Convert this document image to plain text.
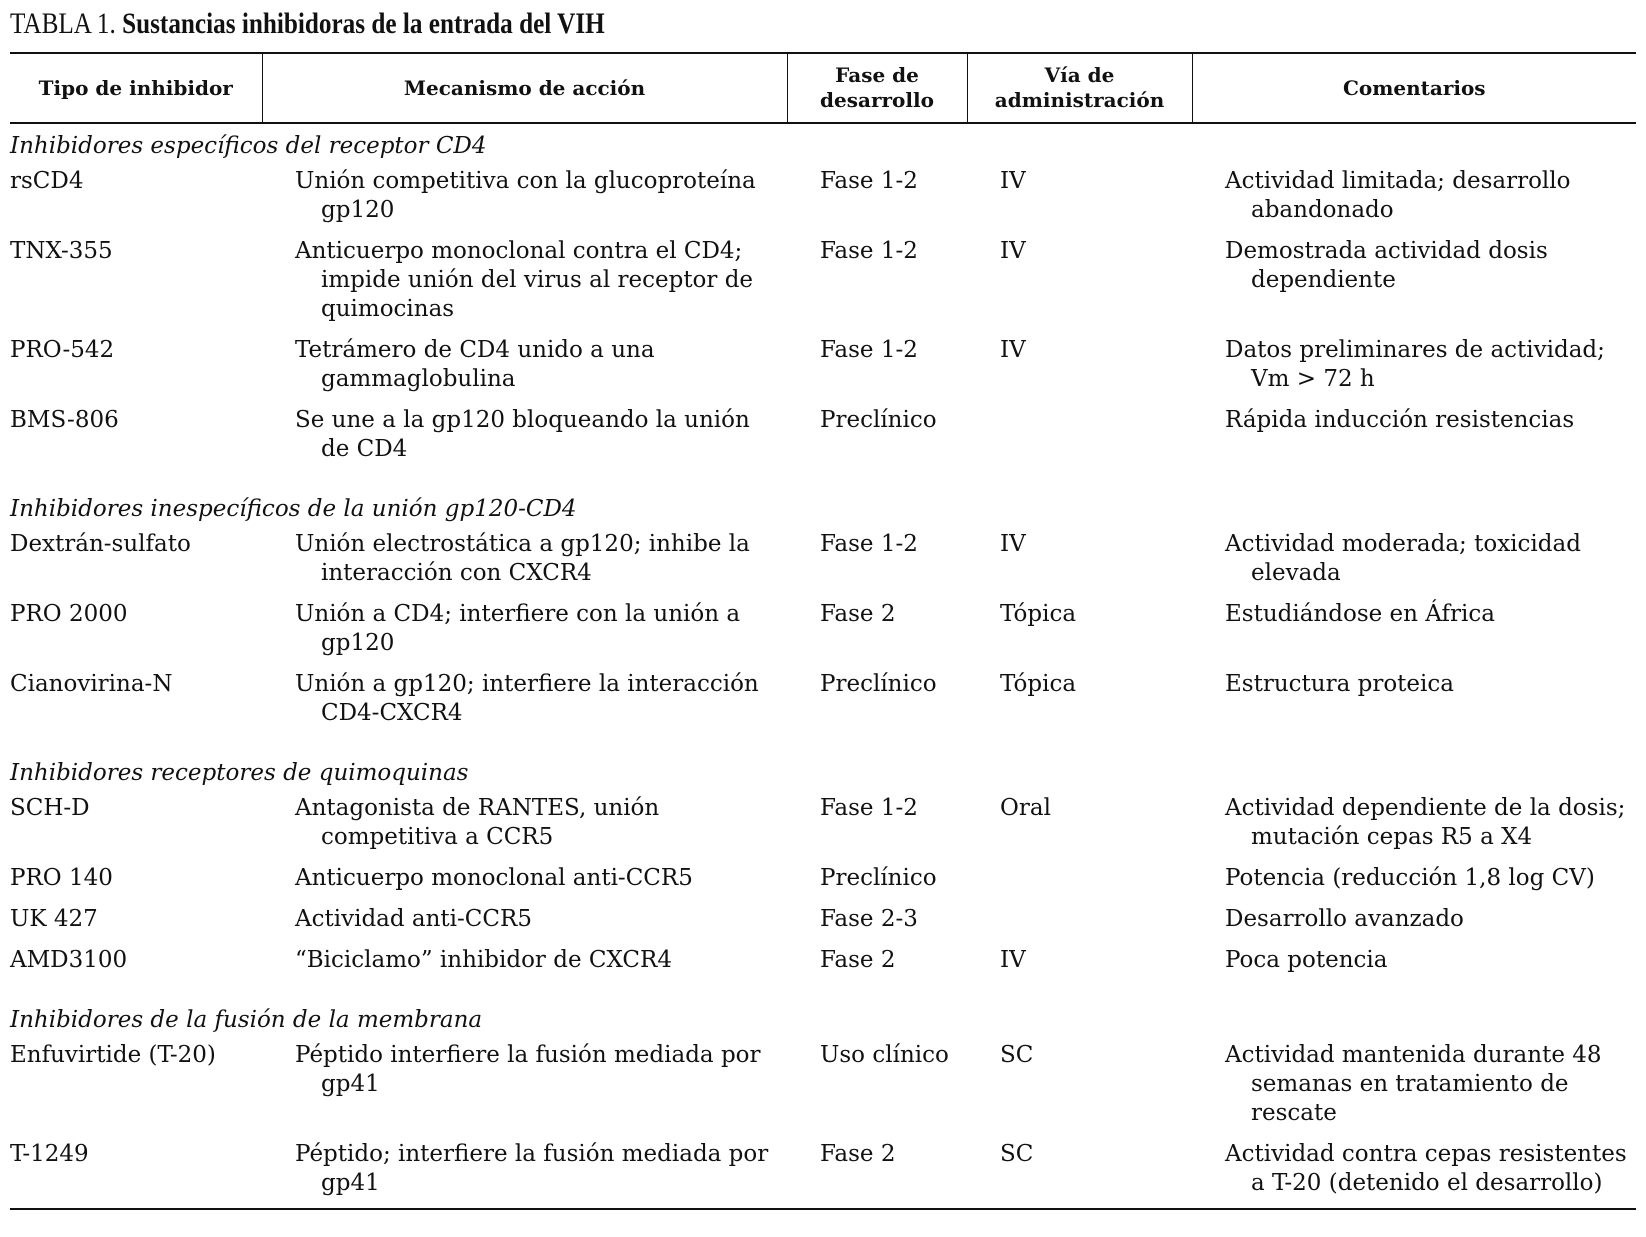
TABLA 1. Sustancias inhibidoras de la entrada del VIH
Tipo de inhibidor	Mecanismo de acción	Fase de desarrollo	Vía de administración	Comentarios
Inhibidores específicos del receptor CD4				

rsCD4	Unión competitiva con la glucoproteína gp120	Fase 1-2	IV	Actividad limitada; desarrollo abandonado

TNX-355	Anticuerpo monoclonal contra el CD4; impide unión del virus al receptor de quimocinas	Fase 1-2	IV	Demostrada actividad dosis dependiente

PRO-542	Tetrámero de CD4 unido a una gammaglobulina	Fase 1-2	IV	Datos preliminares de actividad; Vm > 72 h

BMS-806	Se une a la gp120 bloqueando la unión de CD4	Preclínico		Rápida inducción resistencias

Inhibidores inespecíficos de la unión gp120-CD4				

Dextrán-sulfato	Unión electrostática a gp120; inhibe la interacción con CXCR4	Fase 1-2	IV	Actividad moderada; toxicidad elevada

PRO 2000	Unión a CD4; interfiere con la unión a gp120	Fase 2	Tópica	Estudiándose en África

Cianovirina-N	Unión a gp120; interfiere la interacción CD4-CXCR4	Preclínico	Tópica	Estructura proteica

Inhibidores receptores de quimoquinas				

SCH-D	Antagonista de RANTES, unión competitiva a CCR5	Fase 1-2	Oral	Actividad dependiente de la dosis; mutación cepas R5 a X4

PRO 140	Anticuerpo monoclonal anti-CCR5	Preclínico		Potencia (reducción 1,8 log CV)

UK 427	Actividad anti-CCR5	Fase 2-3		Desarrollo avanzado

AMD3100	“Biciclamo” inhibidor de CXCR4	Fase 2	IV	Poca potencia

Inhibidores de la fusión de la membrana				

Enfuvirtide (T-20)	Péptido interfiere la fusión mediada por gp41	Uso clínico	SC	Actividad mantenida durante 48 semanas en tratamiento de rescate

T-1249	Péptido; interfiere la fusión mediada por gp41	Fase 2	SC	Actividad contra cepas resistentes a T-20 (detenido el desarrollo)
